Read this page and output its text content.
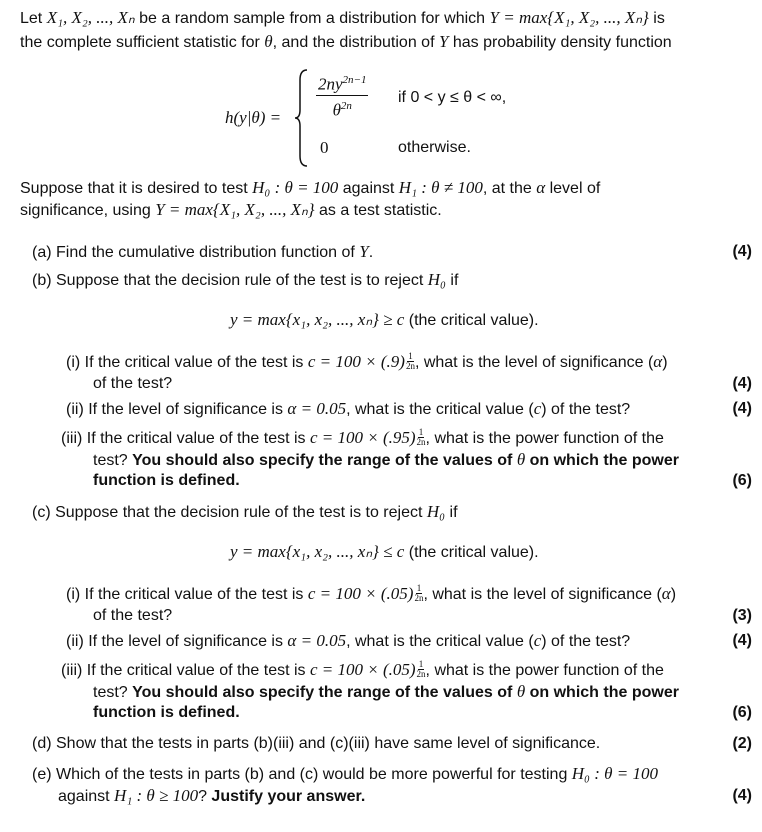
Let X₁, X₂, ..., Xₙ be a random sample from a distribution for which Y = max{X₁, X₂, ..., Xₙ} is
the complete sufficient statistic for θ, and the distribution of Y has probability density function
$h(y|\theta) = \frac{2ny^{2n-1}}{\theta^{2n}}$ if 0 < y ≤ θ < ∞,
0	otherwise.
Suppose that it is desired to test H₀ : θ = 100 against H₁ : θ ≠ 100, at the α level of
significance, using Y = max{X₁, X₂, ..., Xₙ} as a test statistic.
(a) Find the cumulative distribution function of Y.	(4)
(b) Suppose that the decision rule of the test is to reject H₀ if
y = max{x₁, x₂, ..., xₙ} ≥ c (the critical value).
(i) If the critical value of the test is $c = 100 \times (.9) \frac{1}{2n}$ , what is the level of significance (α)
of the test?	(4)
(ii) If the level of significance is α = 0.05, what is the critical value (c) of the test?	(4)
(iii) If the critical value of the test is $c = 100 \times (.95) \frac{1}{2n}$ , what is the power function of the
test? You should also specify the range of the values of θ on which the power
function is defined.	(6)
(c) Suppose that the decision rule of the test is to reject H₀ if
y = max{x₁, x₂, ..., xₙ} ≤ c (the critical value).
(i) If the critical value of the test is $c = 100 \times (.05) \frac{1}{2n}$ , what is the level of significance (α)
of the test?	(3)
(ii) If the level of significance is α = 0.05, what is the critical value (c) of the test?	(4)
(iii) If the critical value of the test is $c = 100 \times (.05) \frac{1}{2n}$ , what is the power function of the
test? You should also specify the range of the values of θ on which the power
function is defined.	(6)
(d) Show that the tests in parts (b)(iii) and (c)(iii) have same level of significance.	(2)
(e) Which of the tests in parts (b) and (c) would be more powerful for testing H₀ : θ = 100
against H₁ : θ ≥ 100? Justify your answer.	(4)
